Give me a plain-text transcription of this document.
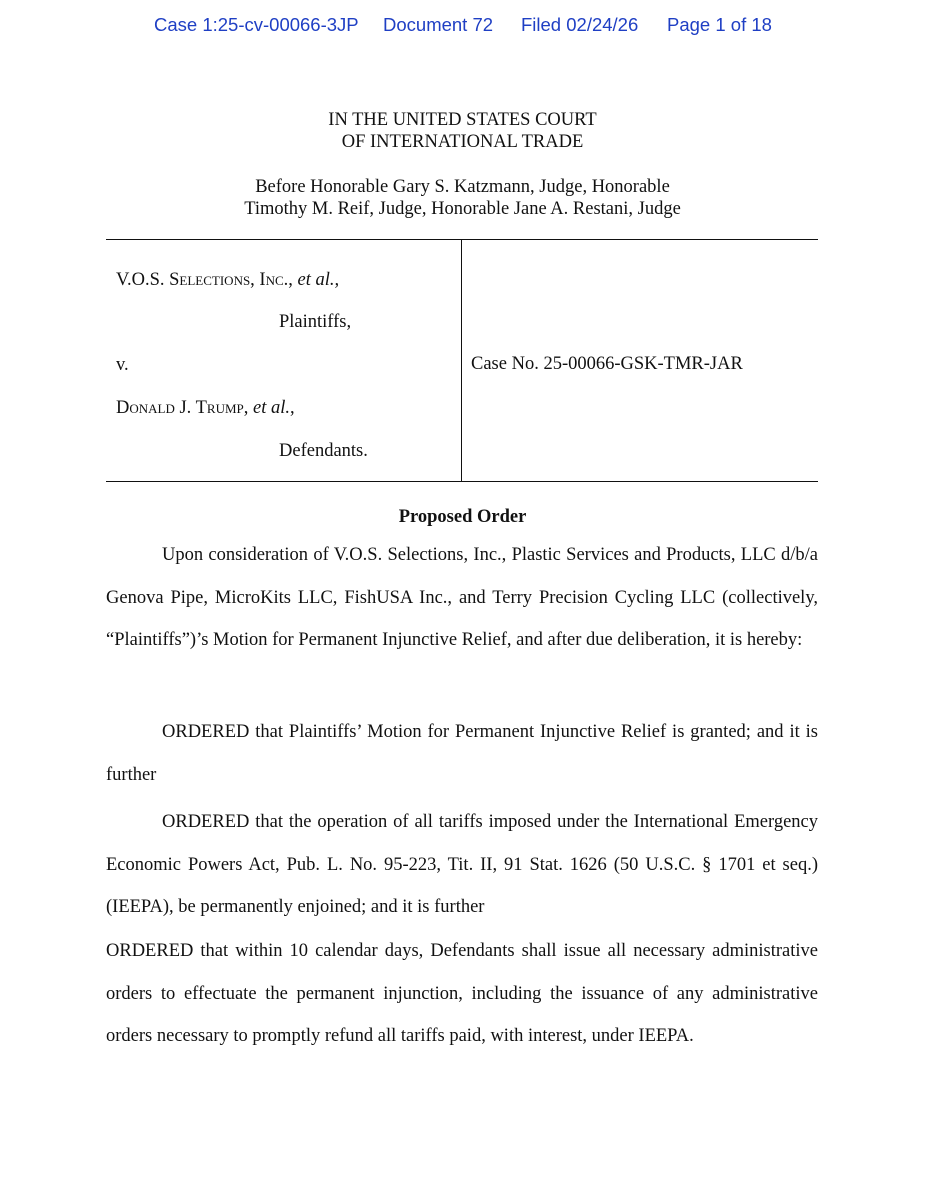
Case 1:25-cv-00066-3JP Document 72 Filed 02/24/26 Page 1 of 18
IN THE UNITED STATES COURT
OF INTERNATIONAL TRADE
Before Honorable Gary S. Katzmann, Judge, Honorable
Timothy M. Reif, Judge, Honorable Jane A. Restani, Judge
V.O.S. Selections, Inc., et al.,
Plaintiffs,
v.
Donald J. Trump, et al.,
Defendants.
Case No. 25-00066-GSK-TMR-JAR
Proposed Order

Upon consideration of V.O.S. Selections, Inc., Plastic Services and Products, LLC d/b/a Genova Pipe, MicroKits LLC, FishUSA Inc., and Terry Precision Cycling LLC (collectively, “Plaintiffs”)’s Motion for Permanent Injunctive Relief, and after due deliberation, it is hereby:

ORDERED that Plaintiffs’ Motion for Permanent Injunctive Relief is granted; and it is further

ORDERED that the operation of all tariffs imposed under the International Emergency Economic Powers Act, Pub. L. No. 95-223, Tit. II, 91 Stat. 1626 (50 U.S.C. § 1701 et seq.) (IEEPA), be permanently enjoined; and it is further

ORDERED that within 10 calendar days, Defendants shall issue all necessary administrative orders to effectuate the permanent injunction, including the issuance of any administrative orders necessary to promptly refund all tariffs paid, with interest, under IEEPA.
